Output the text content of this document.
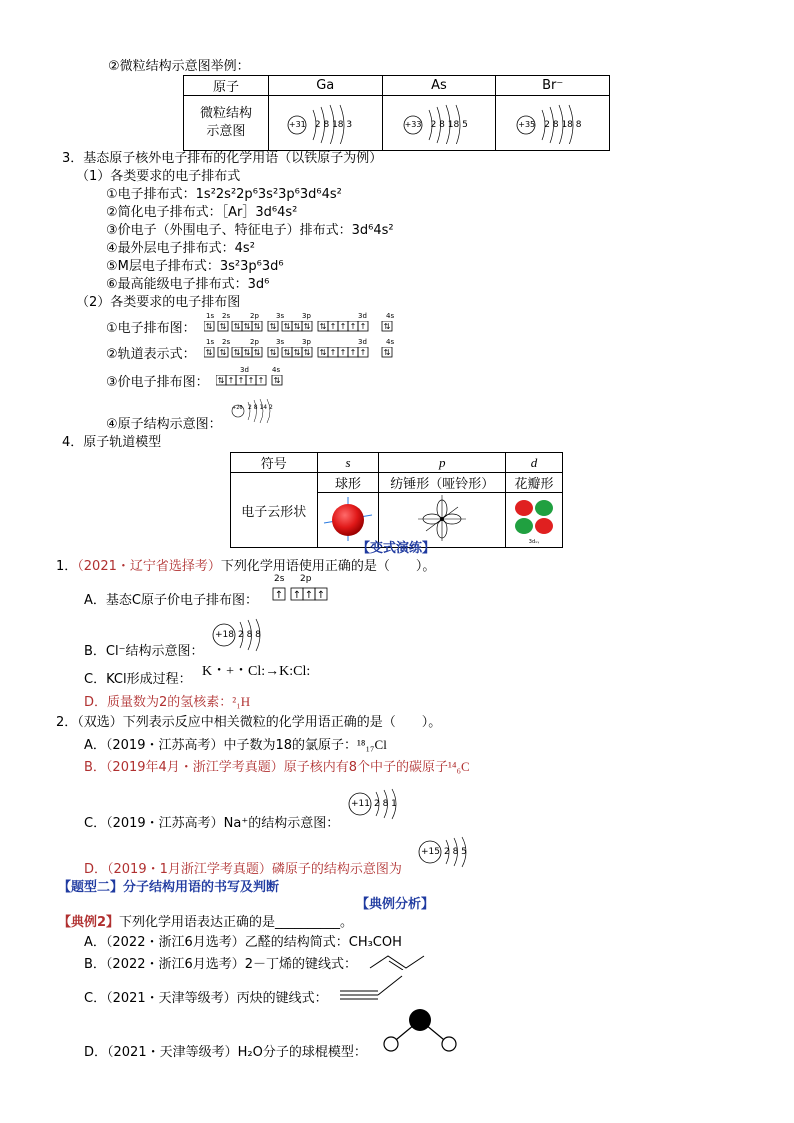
②微粒结构示意图举例：
原子	Ga	As	Br⁻

微粒结构示意图	+31 2 8 18 3	+33 2 8 18 5	+35 2 8 18 8
3．基态原子核外电子排布的化学用语（以铁原子为例）
（1）各类要求的电子排布式
①电子排布式：1s²2s²2p⁶3s²3p⁶3d⁶4s²
②简化电子排布式：［Ar］3d⁶4s²
③价电子（外围电子、特征电子）排布式：3d⁶4s²
④最外层电子排布式：4s²
⑤M层电子排布式：3s²3p⁶3d⁶
⑥最高能级电子排布式：3d⁶
（2）各类要求的电子排布图
①电子排布图：
1s 2s	2p 3s	3p	3d	4s
⇅ ⇅ ⇅ ⇅ ⇅ ⇅ ⇅ ⇅ ⇅ ⇅ ↑ ↑ ↑ ↑ ⇅
②轨道表示式：
1s 2s	2p 3s	3p	3d	4s
⇅ ⇅ ⇅ ⇅ ⇅ ⇅ ⇅ ⇅ ⇅ ⇅ ↑ ↑ ↑ ↑ ⇅
③价电子排布图：
3d	4s
⇅ ↑ ↑ ↑ ↑ ⇅
④原子结构示意图：
+26 2 8 14 2
4．原子轨道模型
符号	s	p	d
电子云形状	球形	纺锤形（哑铃形）	花瓣形

3dₓᵧ
【变式演练】
1．（2021・辽宁省选择考）下列化学用语使用正确的是（　　）。
A．基态C原子价电子排布图：
2s 2p
↑ ↑ ↑ ↑
B．Cl⁻结构示意图：
+18 2 8 8
C．KCl形成过程：
K・+・Cl:→K:Cl:
D．质量数为2的氢核素：²₁H
2．（双选）下列表示反应中相关微粒的化学用语正确的是（　　）。
A．（2019・江苏高考）中子数为18的氯原子：¹⁸₁₇Cl
B．（2019年4月・浙江学考真题）原子核内有8个中子的碳原子¹⁴₆C
C．（2019・江苏高考）Na⁺的结构示意图：
+11 2 8 1
D．（2019・1月浙江学考真题）磷原子的结构示意图为
+15 2 8 5
【题型二】分子结构用语的书写及判断
【典例分析】
【典例2】下列化学用语表达正确的是__________。
A．（2022・浙江6月选考）乙醛的结构简式：CH₃COH
B．（2022・浙江6月选考）2－丁烯的键线式：
C．（2021・天津等级考）丙炔的键线式：
D．（2021・天津等级考）H₂O分子的球棍模型：
